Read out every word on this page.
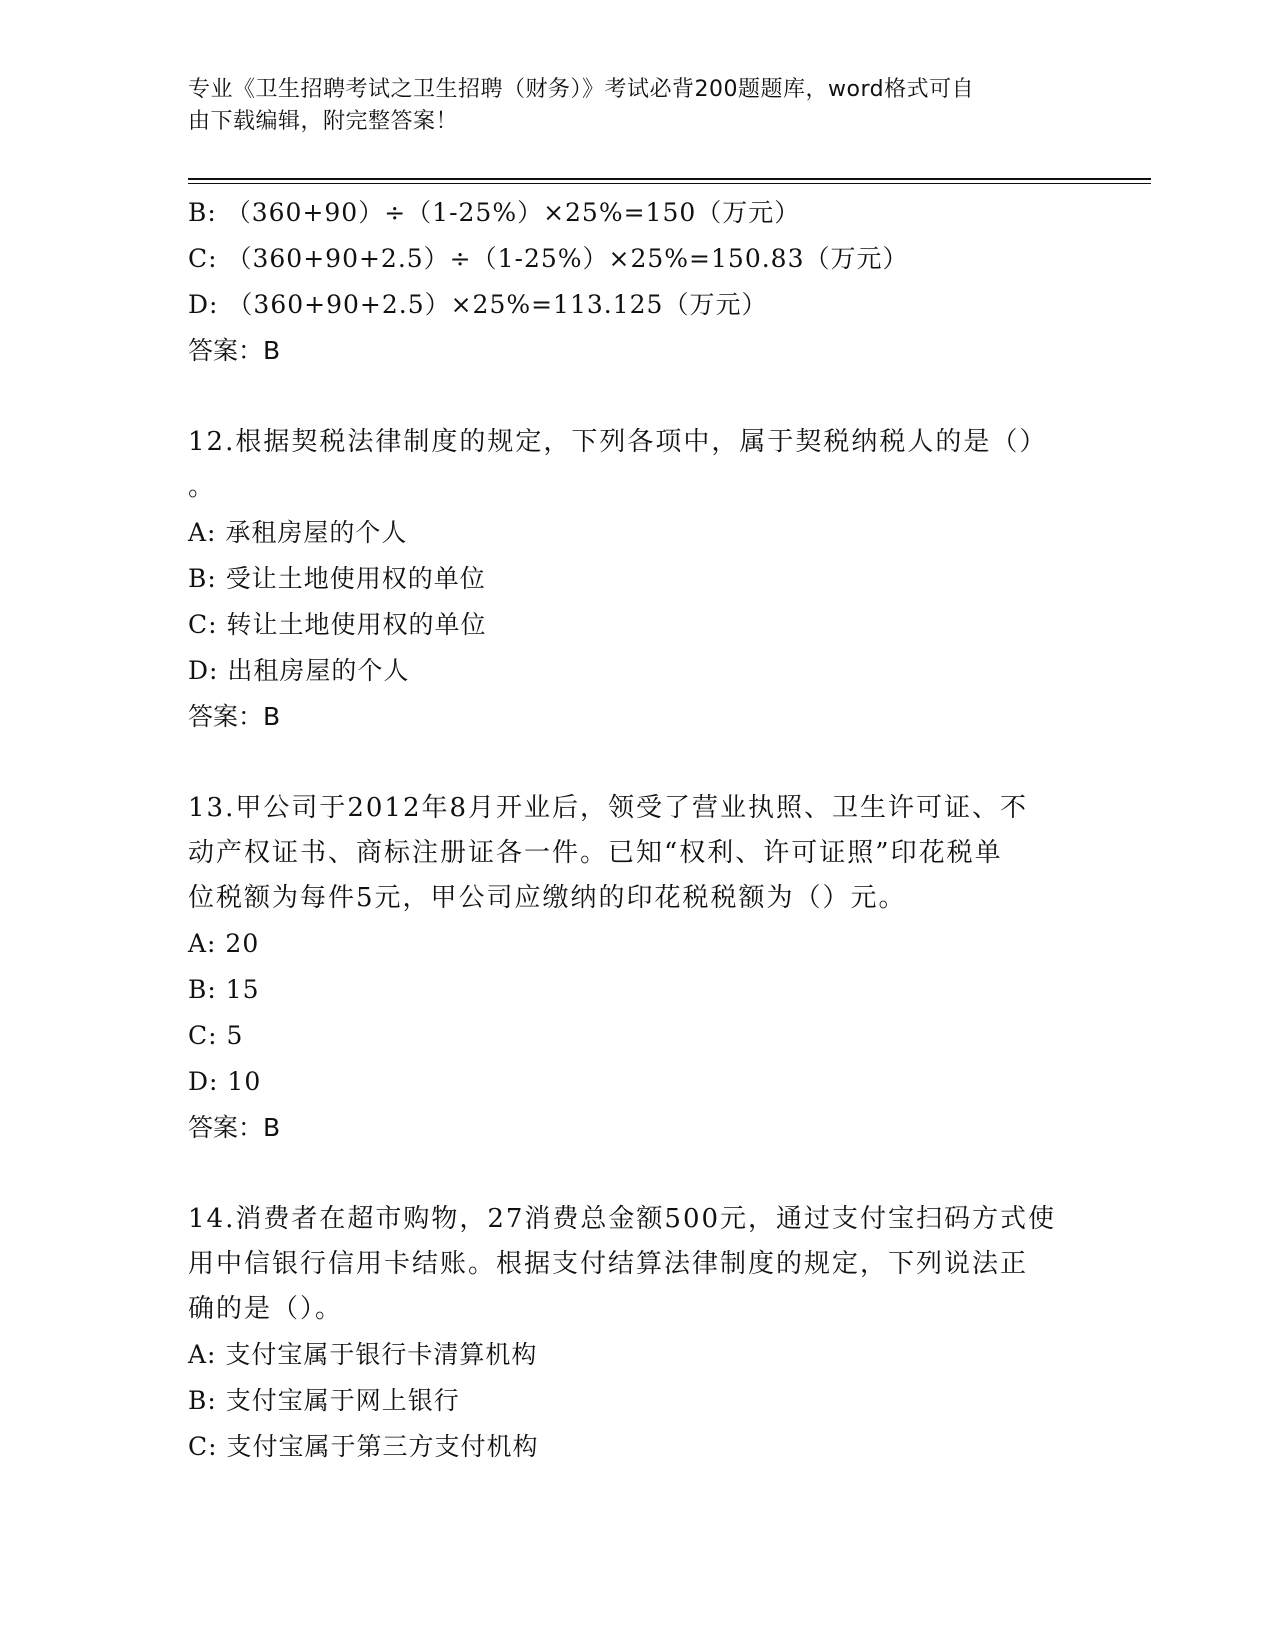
专业《卫生招聘考试之卫生招聘（财务）》考试必背200题题库，word格式可自
由下载编辑，附完整答案！
B: （360+90）÷（1-25%）×25%=150（万元）
C: （360+90+2.5）÷（1-25%）×25%=150.83（万元）
D: （360+90+2.5）×25%=113.125（万元）
答案：B
12.根据契税法律制度的规定，下列各项中，属于契税纳税人的是（）
。
A: 承租房屋的个人
B: 受让土地使用权的单位
C: 转让土地使用权的单位
D: 出租房屋的个人
答案：B
13.甲公司于2012年8月开业后，领受了营业执照、卫生许可证、不
动产权证书、商标注册证各一件。已知“权利、许可证照”印花税单
位税额为每件5元，甲公司应缴纳的印花税税额为（）元。
A: 20
B: 15
C: 5
D: 10
答案：B
14.消费者在超市购物，27消费总金额500元，通过支付宝扫码方式使
用中信银行信用卡结账。根据支付结算法律制度的规定，下列说法正
确的是（）。
A: 支付宝属于银行卡清算机构
B: 支付宝属于网上银行
C: 支付宝属于第三方支付机构
